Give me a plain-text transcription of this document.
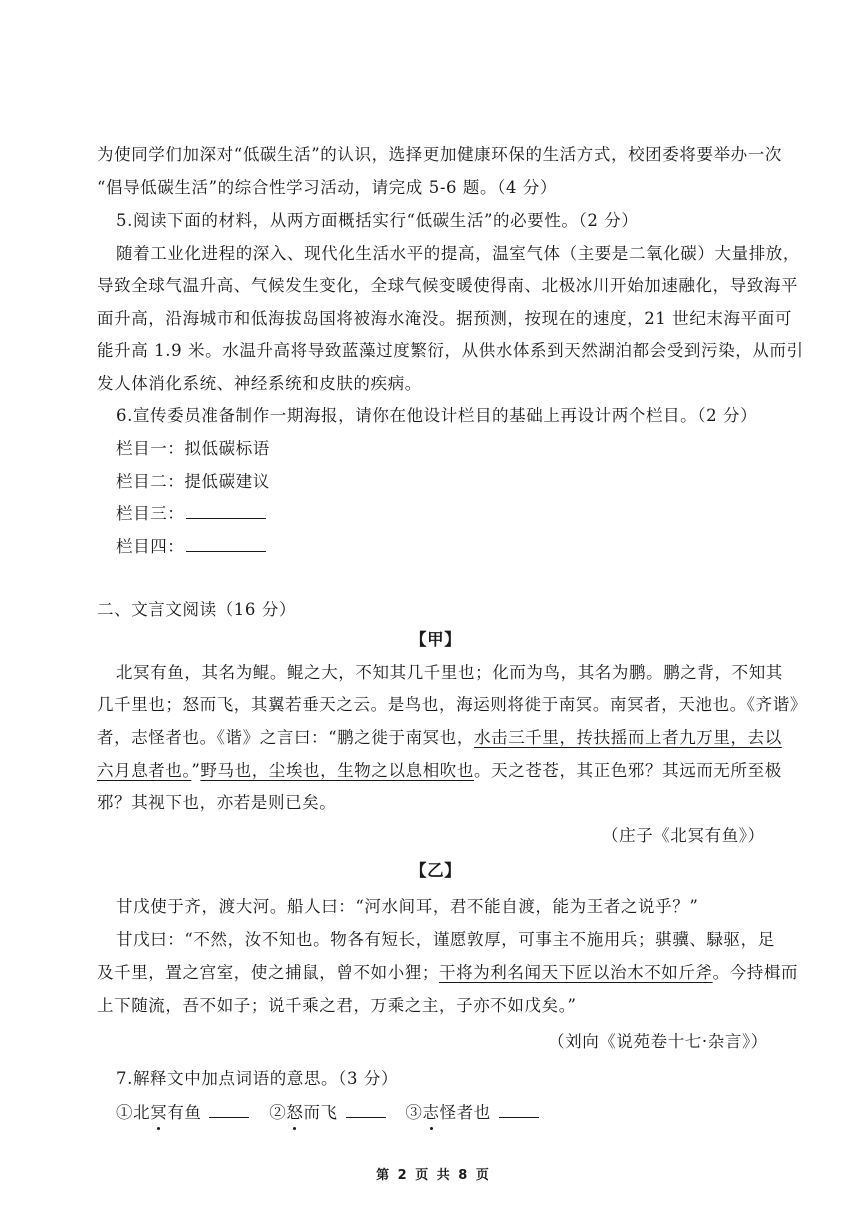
为使同学们加深对“低碳生活”的认识，选择更加健康环保的生活方式，校团委将要举办一次
“倡导低碳生活”的综合性学习活动，请完成 5-6 题。（4 分）
5.阅读下面的材料，从两方面概括实行“低碳生活”的必要性。（2 分）
随着工业化进程的深入、现代化生活水平的提高，温室气体（主要是二氧化碳）大量排放，
导致全球气温升高、气候发生变化，全球气候变暖使得南、北极冰川开始加速融化，导致海平
面升高，沿海城市和低海拔岛国将被海水淹没。据预测，按现在的速度，21 世纪末海平面可
能升高 1.9 米。水温升高将导致蓝藻过度繁衍，从供水体系到天然湖泊都会受到污染，从而引
发人体消化系统、神经系统和皮肤的疾病。
6.宣传委员准备制作一期海报，请你在他设计栏目的基础上再设计两个栏目。（2 分）
栏目一：拟低碳标语
栏目二：提低碳建议
栏目三：
栏目四：
二、文言文阅读（16 分）
【甲】
北冥有鱼，其名为鲲。鲲之大，不知其几千里也；化而为鸟，其名为鹏。鹏之背，不知其
几千里也；怒而飞，其翼若垂天之云。是鸟也，海运则将徙于南冥。南冥者，天池也。《齐谐》
者，志怪者也。《谐》之言曰：“鹏之徙于南冥也，水击三千里，抟扶摇而上者九万里，去以
六月息者也。”野马也，尘埃也，生物之以息相吹也。天之苍苍，其正色邪？其远而无所至极
邪？其视下也，亦若是则已矣。
（庄子《北冥有鱼》）
【乙】
甘戊使于齐，渡大河。船人曰：“河水间耳，君不能自渡，能为王者之说乎？”
甘戊曰：“不然，汝不知也。物各有短长，谨愿敦厚，可事主不施用兵；骐骥、騄驱，足
及千里，置之宫室，使之捕鼠，曾不如小狸；干将为利名闻天下匠以治木不如斤斧。今持楫而
上下随流，吾不如子；说千乘之君，万乘之主，子亦不如戊矣。”
（刘向《说苑卷十七·杂言》）
7.解释文中加点词语的意思。（3 分）
①北冥有鱼	②怒而飞	③志怪者也
第 2 页 共 8 页
